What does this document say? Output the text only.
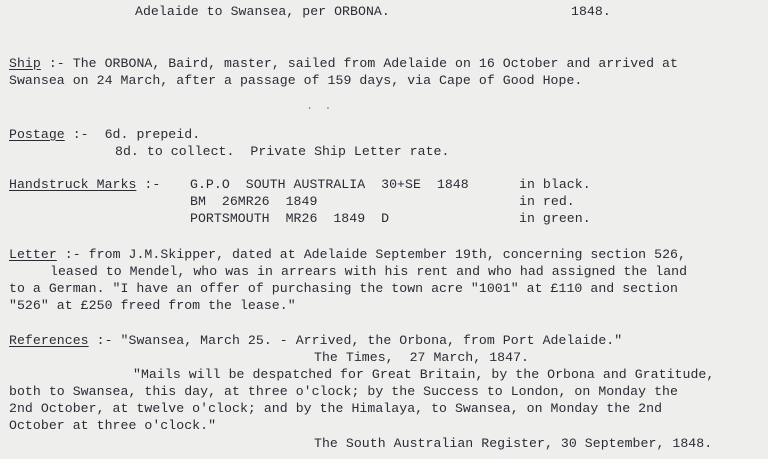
Adelaide to Swansea, per ORBONA.	1848.
Ship :- The ORBONA, Baird, master, sailed from Adelaide on 16 October and arrived at
Swansea on 24 March, after a passage of 159 days, via Cape of Good Hope.
. .
Postage :- 6d. prepeid.
8d. to collect.  Private Ship Letter rate.
Handstruck Marks :- G.P.O  SOUTH AUSTRALIA  30+SE  1848	in black.
BM  26MR26  1849	in red.
PORTSMOUTH  MR26  1849  D	in green.
Letter :- from J.M.Skipper, dated at Adelaide September 19th, concerning section 526,
leased to Mendel, who was in arrears with his rent and who had assigned the land
to a German. "I have an offer of purchasing the town acre "1001" at £110 and section
"526" at £250 freed from the lease."
References :- "Swansea, March 25. - Arrived, the Orbona, from Port Adelaide."
The Times,  27 March, 1847.
"Mails will be despatched for Great Britain, by the Orbona and Gratitude,
both to Swansea, this day, at three o'clock; by the Success to London, on Monday the
2nd October, at twelve o'clock; and by the Himalaya, to Swansea, on Monday the 2nd
October at three o'clock."
The South Australian Register, 30 September, 1848.
